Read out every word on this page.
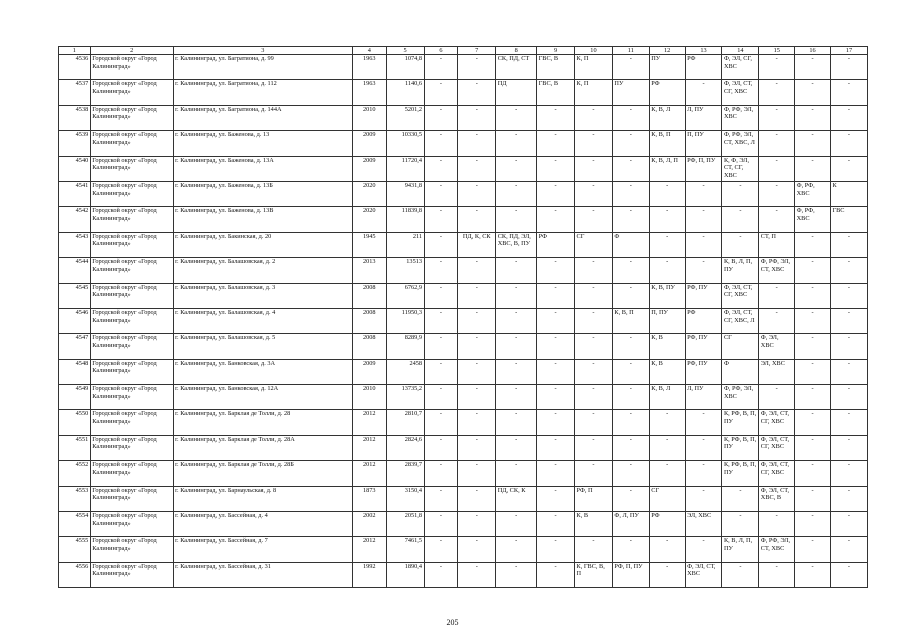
1	2	3	4	5	6	7	8	9	10	11	12	13	14	15	16	17
4536	Городской округ «Город Калининград»	г. Калининград, ул. Багратиона, д. 99	1963	1074,8	-	-	СК, ПД, СТ	ГВС, В	К, П	-	ПУ	РФ	Ф, ЭЛ, СГ, ХВС	-	-	-
4537	Городской округ «Город Калининград»	г. Калининград, ул. Багратиона, д. 112	1963	1140,6	-	-	ПД	ГВС, В	К, П	ПУ	РФ	-	Ф, ЭЛ, СТ, СГ, ХВС	-	-	-
4538	Городской округ «Город Калининград»	г. Калининград, ул. Багратиона, д. 144А	2010	5201,2	-	-	-	-	-	-	К, В, Л	Л, ПУ	Ф, РФ, ЭЛ, ХВС	-	-	-
4539	Городской округ «Город Калининград»	г. Калининград, ул. Баженова, д. 13	2009	10330,5	-	-	-	-	-	-	К, В, П	П, ПУ	Ф, РФ, ЭЛ, СТ, ХВС, Л	-	-	-
4540	Городской округ «Город Калининград»	г. Калининград, ул. Баженова, д. 13А	2009	11720,4	-	-	-	-	-	-	К, В, Л, П	РФ, П, ПУ	К, Ф, ЭЛ, СТ, СГ, ХВС	-	-	-
4541	Городской округ «Город Калининград»	г. Калининград, ул. Баженова, д. 13Б	2020	9431,8	-	-	-	-	-	-	-	-	-	-	Ф, РФ, ХВС	К
4542	Городской округ «Город Калининград»	г. Калининград, ул. Баженова, д. 13В	2020	11839,8	-	-	-	-	-	-	-	-	-	-	Ф, РФ, ХВС	ГВС
4543	Городской округ «Город Калининград»	г. Калининград, ул. Бакинская, д. 20	1945	211	-	ПД, К, СК	СК, ПД, ЭЛ, ХВС, В, ПУ	РФ	СГ	Ф	-	-	-	СТ, П	-	-
4544	Городской округ «Город Калининград»	г. Калининград, ул. Балашовская, д. 2	2013	13513	-	-	-	-	-	-	-	-	К, В, Л, П, ПУ	Ф, РФ, ЭЛ, СТ, ХВС	-	-
4545	Городской округ «Город Калининград»	г. Калининград, ул. Балашовская, д. 3	2008	6762,9	-	-	-	-	-	-	К, В, ПУ	РФ, ПУ	Ф, ЭЛ, СТ, СГ, ХВС	-	-	-
4546	Городской округ «Город Калининград»	г. Калининград, ул. Балашовская, д. 4	2008	11950,3	-	-	-	-	-	К, В, П	П, ПУ	РФ	Ф, ЭЛ, СТ, СГ, ХВС, Л	-	-	-
4547	Городской округ «Город Калининград»	г. Калининград, ул. Балашовская, д. 5	2008	8289,9	-	-	-	-	-	-	К, В	РФ, ПУ	СГ	Ф, ЭЛ, ХВС	-	-
4548	Городской округ «Город Калининград»	г. Калининград, ул. Банковская, д. 3А	2009	2458	-	-	-	-	-	-	К, В	РФ, ПУ	Ф	ЭЛ, ХВС	-	-
4549	Городской округ «Город Калининград»	г. Калининград, ул. Банковская, д. 12А	2010	13735,2	-	-	-	-	-	-	К, В, Л	Л, ПУ	Ф, РФ, ЭЛ, ХВС	-	-	-
4550	Городской округ «Город Калининград»	г. Калининград, ул. Барклая де Толли, д. 28	2012	2810,7	-	-	-	-	-	-	-	-	К, РФ, В, П, ПУ	Ф, ЭЛ, СТ, СГ, ХВС	-	-
4551	Городской округ «Город Калининград»	г. Калининград, ул. Барклая де Толли, д. 28А	2012	2824,6	-	-	-	-	-	-	-	-	К, РФ, В, П, ПУ	Ф, ЭЛ, СТ, СГ, ХВС	-	-
4552	Городской округ «Город Калининград»	г. Калининград, ул. Барклая де Толли, д. 28Б	2012	2839,7	-	-	-	-	-	-	-	-	К, РФ, В, П, ПУ	Ф, ЭЛ, СТ, СГ, ХВС	-	-
4553	Городской округ «Город Калининград»	г. Калининград, ул. Барнаульская, д. 8	1873	3150,4	-	-	ПД, СК, К	-	РФ, П	-	СГ	-	-	Ф, ЭЛ, СТ, ХВС, В	-	-
4554	Городской округ «Город Калининград»	г. Калининград, ул. Бассейная, д. 4	2002	2051,8	-	-	-	-	К, В	Ф, Л, ПУ	РФ	ЭЛ, ХВС	-	-	-	-
4555	Городской округ «Город Калининград»	г. Калининград, ул. Бассейная, д. 7	2012	7461,5	-	-	-	-	-	-	-	-	К, В, Л, П, ПУ	Ф, РФ, ЭЛ, СТ, ХВС	-	-
4556	Городской округ «Город Калининград»	г. Калининград, ул. Бассейная, д. 31	1992	1890,4	-	-	-	-	К, ГВС, В, П	РФ, П, ПУ	-	Ф, ЭЛ, СТ, ХВС	-	-	-	-
205
